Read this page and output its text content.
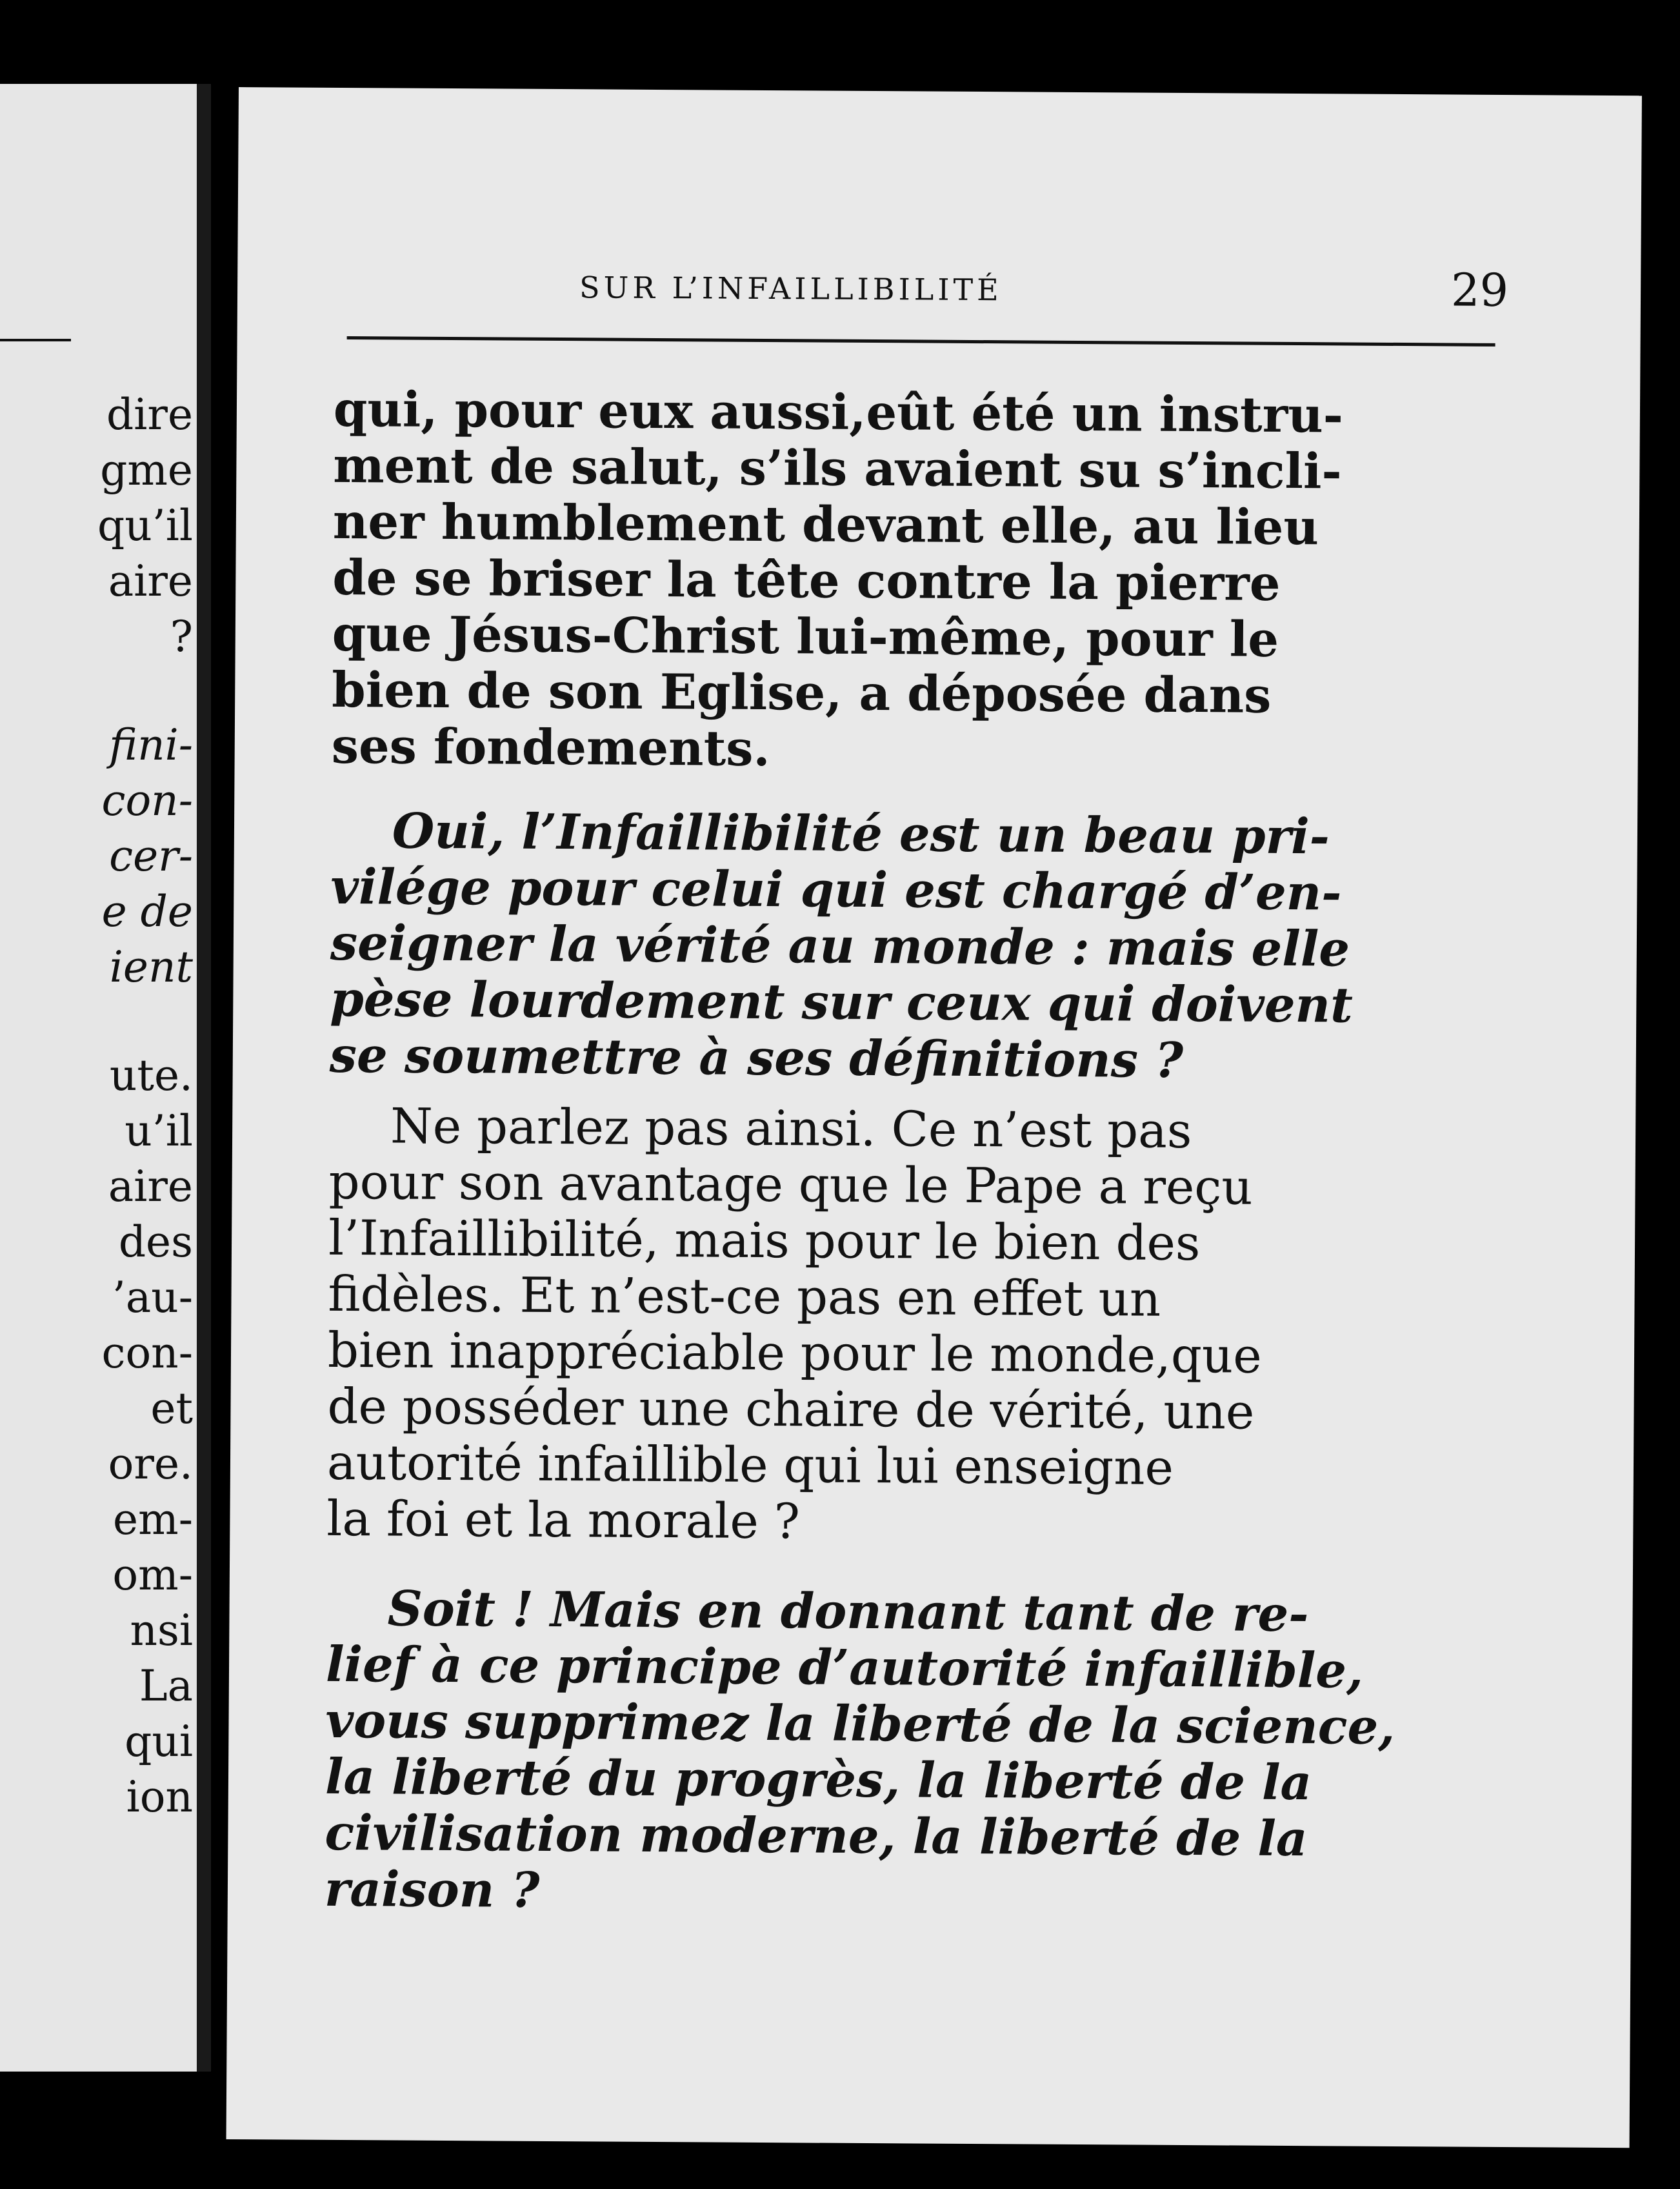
dire
gme
qu’il
aire
?
fini-
con-
cer-
e de
ient
ute.
u’il
aire
des
’au-
con-
et
ore.
em-
om-
nsi
La
qui
ion
SUR L’INFAILLIBILITÉ	29

qui, pour eux aussi,eût été un instru-
ment de salut, s’ils avaient su s’incli-
ner humblement devant elle, au lieu
de se briser la tête contre la pierre
que Jésus-Christ lui-même, pour le
bien de son Eglise, a déposée dans
ses fondements.

Oui, l’Infaillibilité est un beau pri-
vilége pour celui qui est chargé d’en-
seigner la vérité au monde : mais elle
pèse lourdement sur ceux qui doivent
se soumettre à ses définitions ?

Ne parlez pas ainsi. Ce n’est pas
pour son avantage que le Pape a reçu
l’Infaillibilité, mais pour le bien des
fidèles. Et n’est-ce pas en effet un
bien inappréciable pour le monde,que
de posséder une chaire de vérité, une
autorité infaillible qui lui enseigne
la foi et la morale ?

Soit ! Mais en donnant tant de re-
lief à ce principe d’autorité infaillible,
vous supprimez la liberté de la science,
la liberté du progrès, la liberté de la
civilisation moderne, la liberté de la
raison ?
